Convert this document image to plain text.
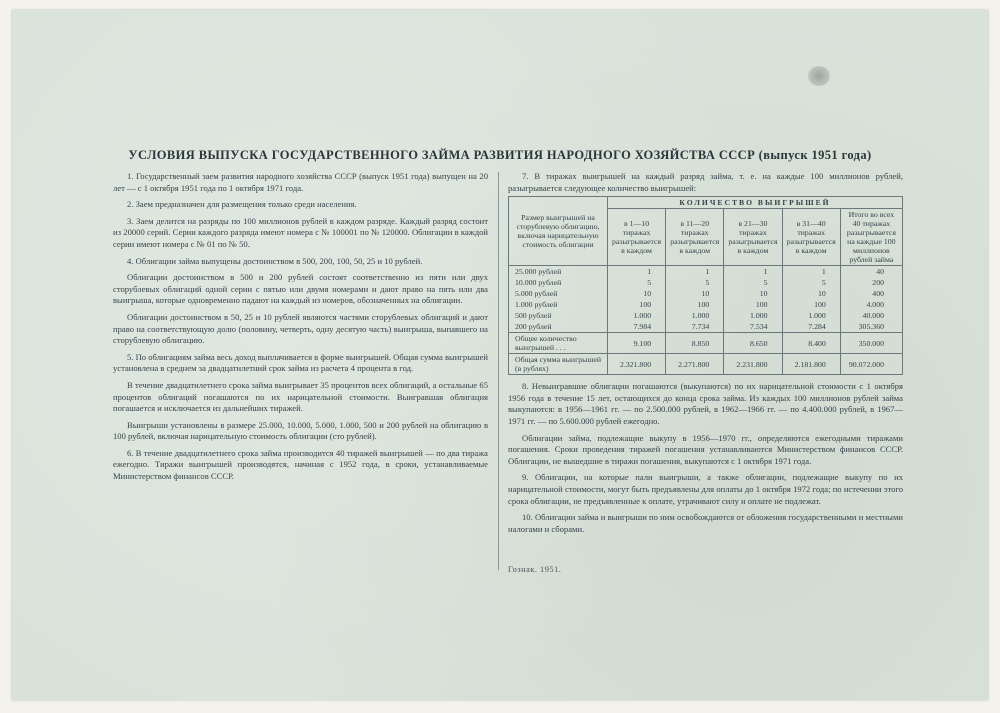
УСЛОВИЯ ВЫПУСКА ГОСУДАРСТВЕННОГО ЗАЙМА РАЗВИТИЯ НАРОДНОГО ХОЗЯЙСТВА СССР (выпуск 1951 года)

1. Государственный заем развития народного хозяйства СССР (выпуск 1951 года) выпущен на 20 лет — с 1 октября 1951 года по 1 октября 1971 года.

2. Заем предназначен для размещения только среди населения.

3. Заем делится на разряды по 100 миллионов рублей в каждом разряде. Каждый разряд состоит из 20000 серий. Серии каждого разряда имеют номера с № 100001 по № 120000. Облигации в каждой серии имеют номера с № 01 по № 50.

4. Облигации займа выпущены достоинством в 500, 200, 100, 50, 25 и 10 рублей.

Облигации достоинством в 500 и 200 рублей состоят соответственно из пяти или двух сторублевых облигаций одной серии с пятью или двумя номерами и дают право на пять или два выигрыша, которые одновременно падают на каждый из номеров, обозначенных на облигации.

Облигации достоинством в 50, 25 и 10 рублей являются частями сторублевых облигаций и дают право на соответствующую долю (половину, четверть, одну десятую часть) выигрыша, выпавшего на сторублевую облигацию.

5. По облигациям займа весь доход выплачивается в форме выигрышей. Общая сумма выигрышей установлена в среднем за двадцатилетний срок займа из расчета 4 процента в год.

В течение двадцатилетнего срока займа выигрывает 35 процентов всех облигаций, а остальные 65 процентов облигаций погашаются по их нарицательной стоимости. Выигравшая облигация погашается и исключается из дальнейших тиражей.

Выигрыши установлены в размере 25.000, 10.000, 5.000, 1.000, 500 и 200 рублей на облигацию в 100 рублей, включая нарицательную стоимость облигации (сто рублей).

6. В течение двадцатилетнего срока займа производится 40 тиражей выигрышей — по два тиража ежегодно. Тиражи выигрышей производятся, начиная с 1952 года, в сроки, устанавливаемые Министерством финансов СССР.

7. В тиражах выигрышей на каждый разряд займа, т. е. на каждые 100 миллионов рублей, разыгрывается следующее количество выигрышей:

Размер выигрышей на сторублевую облигацию, включая нарицательную стоимость облигации	КОЛИЧЕСТВО ВЫИГРЫШЕЙ				
	в 1—10 тиражах разыгрывается в каждом	в 11—20 тиражах разыгрывается в каждом	в 21—30 тиражах разыгрывается в каждом	в 31—40 тиражах разыгрывается в каждом	Итого во всех 40 тиражах разыгрывается на каждые 100 миллионов рублей займа
25.000 рублей	1	1	1	1	40
10.000 рублей	5	5	5	5	200
5.000 рублей	10	10	10	10	400
1.000 рублей	100	100	100	100	4.000
500 рублей	1.000	1.000	1.000	1.000	40.000
200 рублей	7.984	7.734	7.534	7.284	305.360
Общее количество выигрышей . . .	9.100	8.850	8.650	8.400	350.000
Общая сумма выигрышей (в рублях)	2.321.800	2.271.800	2.231.800	2.181.800	90.072.000

8. Невыигравшие облигации погашаются (выкупаются) по их нарицательной стоимости с 1 октября 1956 года в течение 15 лет, остающихся до конца срока займа. Из каждых 100 миллионов рублей займа выкупаются: в 1956—1961 гг. — по 2.500.000 рублей, в 1962—1966 гг. — по 4.400.000 рублей, в 1967—1971 гг. — по 5.600.000 рублей ежегодно.

Облигации займа, подлежащие выкупу в 1956—1970 гг., определяются ежегодными тиражами погашения. Сроки проведения тиражей погашения устанавливаются Министерством финансов СССР. Облигации, не вышедшие в тиражи погашения, выкупаются с 1 октября 1971 года.

9. Облигации, на которые пали выигрыши, а также облигации, подлежащие выкупу по их нарицательной стоимости, могут быть предъявлены для оплаты до 1 октября 1972 года; по истечении этого срока облигации, не предъявленные к оплате, утрачивают силу и оплате не подлежат.

10. Облигации займа и выигрыши по ним освобождаются от обложения государственными и местными налогами и сборами.

Гознак. 1951.
